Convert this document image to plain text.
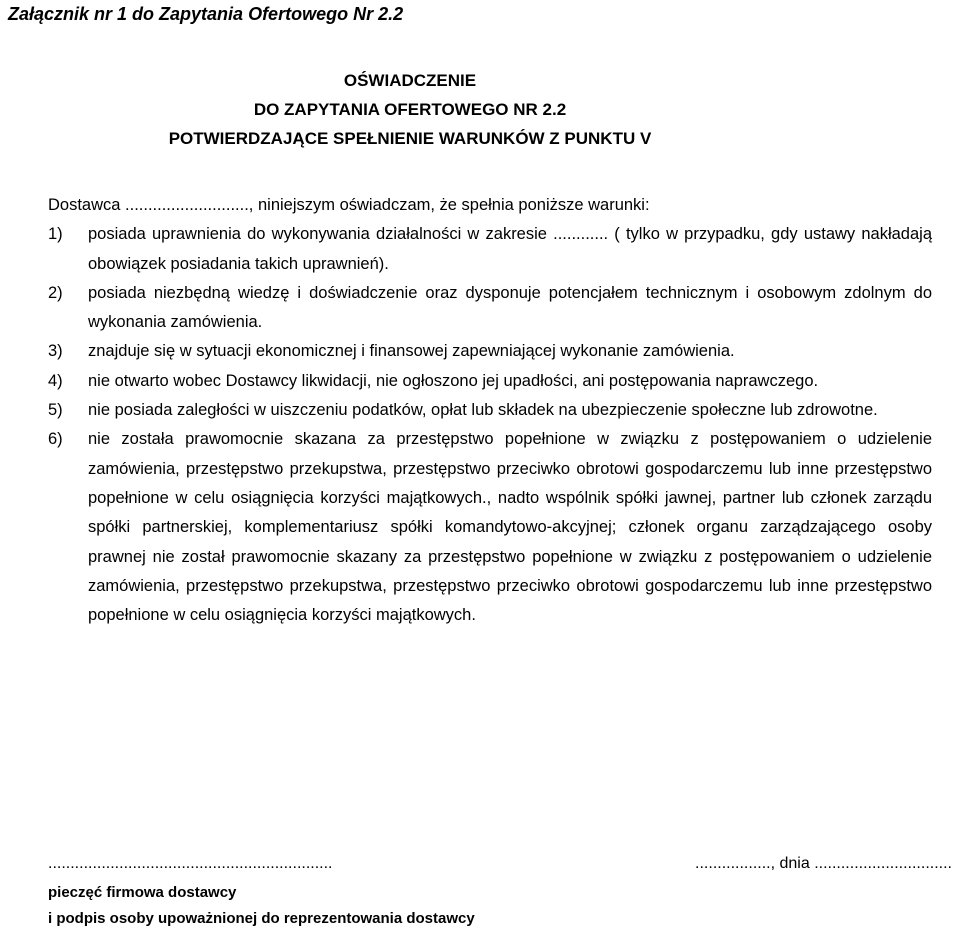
Załącznik nr 1 do Zapytania Ofertowego Nr 2.2
OŚWIADCZENIE
DO ZAPYTANIA OFERTOWEGO NR 2.2
POTWIERDZAJĄCE SPEŁNIENIE WARUNKÓW Z PUNKTU V
Dostawca ..........................., niniejszym oświadczam, że spełnia poniższe warunki:
1) posiada uprawnienia do wykonywania działalności w zakresie ............ ( tylko w przypadku, gdy ustawy nakładają obowiązek posiadania takich uprawnień).
2) posiada niezbędną wiedzę i doświadczenie oraz dysponuje potencjałem technicznym i osobowym zdolnym do wykonania zamówienia.
3) znajduje się w sytuacji ekonomicznej i finansowej zapewniającej wykonanie zamówienia.
4) nie otwarto wobec Dostawcy likwidacji, nie ogłoszono jej upadłości, ani postępowania naprawczego.
5) nie posiada zaległości w uiszczeniu podatków, opłat lub składek na ubezpieczenie społeczne lub zdrowotne.
6) nie została prawomocnie skazana za przestępstwo popełnione w związku z postępowaniem o udzielenie zamówienia, przestępstwo przekupstwa, przestępstwo przeciwko obrotowi gospodarczemu lub inne przestępstwo popełnione w celu osiągnięcia korzyści majątkowych., nadto wspólnik spółki jawnej, partner lub członek zarządu spółki partnerskiej, komplementariusz spółki komandytowo-akcyjnej; członek organu zarządzającego osoby prawnej nie został prawomocnie skazany za przestępstwo popełnione w związku z postępowaniem o udzielenie zamówienia, przestępstwo przekupstwa, przestępstwo przeciwko obrotowi gospodarczemu lub inne przestępstwo popełnione w celu osiągnięcia korzyści majątkowych.
................................................................	................., dnia ...............................
pieczęć firmowa dostawcy
i podpis osoby upoważnionej do reprezentowania dostawcy
